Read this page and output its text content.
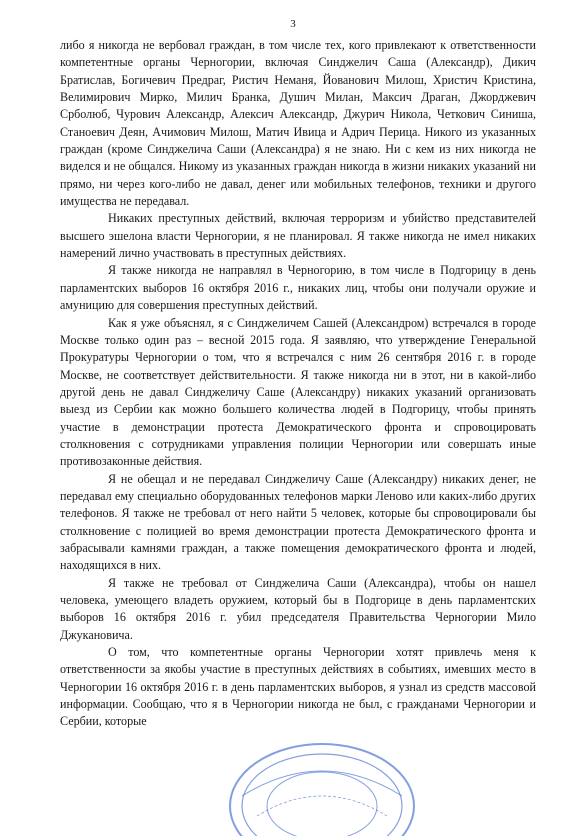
3

либо я никогда не вербовал граждан, в том числе тех, кого привлекают к ответственности компетентные органы Черногории, включая Синджелич Саша (Александр), Дикич Братислав, Богичевич Предраг, Ристич Неманя, Йованович Милош, Христич Кристина, Велимирович Мирко, Милич Бранка, Душич Милан, Максич Драган, Джорджевич Срболюб, Чурович Александр, Алексич Александр, Джурич Никола, Четкович Синиша, Станоевич Деян, Ачимович Милош, Матич Ивица и Адрич Перица. Никого из указанных граждан (кроме Синджелича Саши (Александра) я не знаю. Ни с кем из них никогда не виделся и не общался. Никому из указанных граждан никогда в жизни никаких указаний ни прямо, ни через кого-либо не давал, денег или мобильных телефонов, техники и другого имущества не передавал.

Никаких преступных действий, включая терроризм и убийство представителей высшего эшелона власти Черногории, я не планировал. Я также никогда не имел никаких намерений лично участвовать в преступных действиях.

Я также никогда не направлял в Черногорию, в том числе в Подгорицу в день парламентских выборов 16 октября 2016 г., никаких лиц, чтобы они получали оружие и амуницию для совершения преступных действий.

Как я уже объяснял, я с Синджеличем Сашей (Александром) встречался в городе Москве только один раз – весной 2015 года. Я заявляю, что утверждение Генеральной Прокуратуры Черногории о том, что я встречался с ним 26 сентября 2016 г. в городе Москве, не соответствует действительности. Я также никогда ни в этот, ни в какой-либо другой день не давал Синджеличу Саше (Александру) никаких указаний организовать выезд из Сербии как можно большего количества людей в Подгорицу, чтобы принять участие в демонстрации протеста Демократического фронта и спровоцировать столкновения с сотрудниками управления полиции Черногории или совершать иные противозаконные действия.

Я не обещал и не передавал Синджеличу Саше (Александру) никаких денег, не передавал ему специально оборудованных телефонов марки Леново или каких-либо других телефонов. Я также не требовал от него найти 5 человек, которые бы спровоцировали бы столкновение с полицией во время демонстрации протеста Демократического фронта и забрасывали камнями граждан, а также помещения демократического фронта и людей, находящихся в них.

Я также не требовал от Синджелича Саши (Александра), чтобы он нашел человека, умеющего владеть оружием, который бы в Подгорице в день парламентских выборов 16 октября 2016 г. убил председателя Правительства Черногории Мило Джукановича.

О том, что компетентные органы Черногории хотят привлечь меня к ответственности за якобы участие в преступных действиях в событиях, имевших место в Черногории 16 октября 2016 г. в день парламентских выборов, я узнал из средств массовой информации. Сообщаю, что я в Черногории никогда не был, с гражданами Черногории и Сербии, которые
